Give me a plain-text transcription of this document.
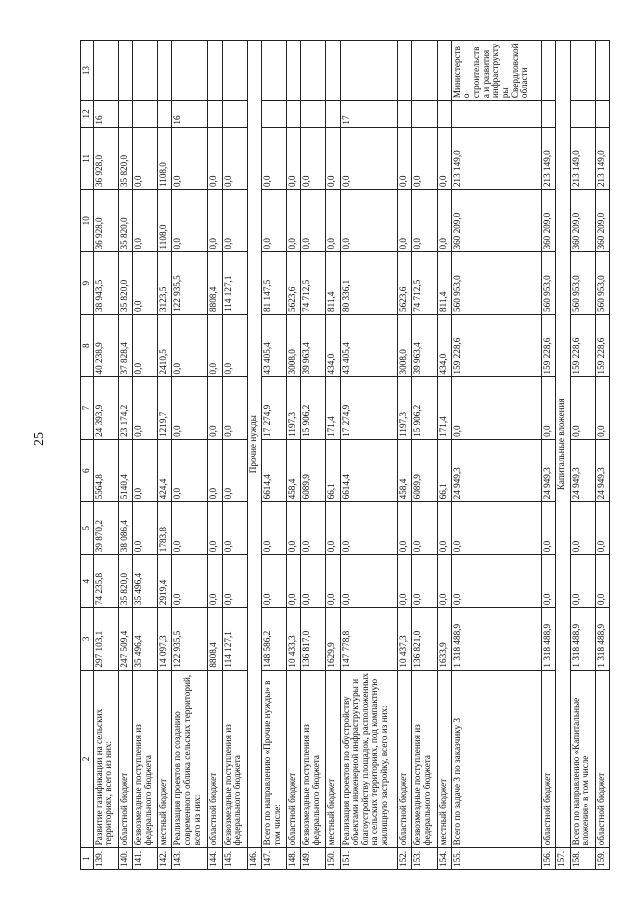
25
1	2	3	4	5	6	7	8	9	10	11	12	13
139.	Развитие газификации на сельских территориях, всего из них:	297 103,1	74 235,8	39 870,2	5564,8	24 393,9	40 238,9	38 943,5	36 928,0	36 928,0	16	
140.	областной бюджет	247 509,4	35 820,0	38 086,4	5140,4	23 174,2	37 828,4	35 820,0	35 820,0	35 820,0		
141.	безвозмездные поступления из федерального бюджета	35 496,4	35 496,4	0,0	0,0	0,0	0,0	0,0	0,0	0,0		
142.	местный бюджет	14 097,3	2919,4	1783,8	424,4	1219,7	2410,5	3123,5	1108,0	1108,0		
143.	Реализация проектов по созданию современного облика сельских территорий, всего из них:	122 935,5	0,0	0,0	0,0	0,0	0,0	122 935,5	0,0	0,0	16	
144.	областной бюджет	8808,4	0,0	0,0	0,0	0,0	0,0	8808,4	0,0	0,0		
145.	безвозмездные поступления из федерального бюджета	114 127,1	0,0	0,0	0,0	0,0	0,0	114 127,1	0,0	0,0		
146.	Прочие нужды											
147.	Всего по направлению «Прочие нужды» в том числе:	148 586,2	0,0	0,0	6614,4	17 274,9	43 405,4	81 147,5	0,0	0,0		
148.	областной бюджет	10 433,3	0,0	0,0	458,4	1197,3	3008,0	5623,6	0,0	0,0		
149.	безвозмездные поступления из федерального бюджета	136 817,0	0,0	0,0	6089,9	15 906,2	39 963,4	74 712,5	0,0	0,0		
150.	местный бюджет	1629,9	0,0	0,0	66,1	171,4	434,0	811,4	0,0	0,0		
151.	Реализация проектов по обустройству объектами инженерной инфраструктуры и благоустройству площадок, расположенных на сельских территориях, под компактную жилищную застройку, всего из них:	147 778,8	0,0	0,0	6614,4	17 274,9	43 405,4	80 336,1	0,0	0,0	17	
152.	областной бюджет	10 437,3	0,0	0,0	458,4	1197,3	3008,0	5623,6	0,0	0,0		
153.	безвозмездные поступления из федерального бюджета	136 821,0	0,0	0,0	6089,9	15 906,2	39 963,4	74 712,5	0,0	0,0		
154.	местный бюджет	1633,9	0,0	0,0	66,1	171,4	434,0	811,4	0,0	0,0		
155.	Всего по задаче 3 по заказчику 3	1 318 488,9	0,0	0,0	24 949,3	0,0	159 228,6	560 953,0	360 209,0	213 149,0		Министерство строительства и развития инфраструктуры Свердловской области
156.	областной бюджет	1 318 488,9	0,0	0,0	24 949,3	0,0	159 228,6	560 953,0	360 209,0	213 149,0		
157.	Капитальные вложения											
158.	Всего по направлению «Капитальные вложения» в том числе	1 318 488,9	0,0	0,0	24 949,3	0,0	159 228,6	560 953,0	360 209,0	213 149,0		
159.	областной бюджет	1 318 488,9	0,0	0,0	24 949,3	0,0	159 228,6	560 953,0	360 209,0	213 149,0		
